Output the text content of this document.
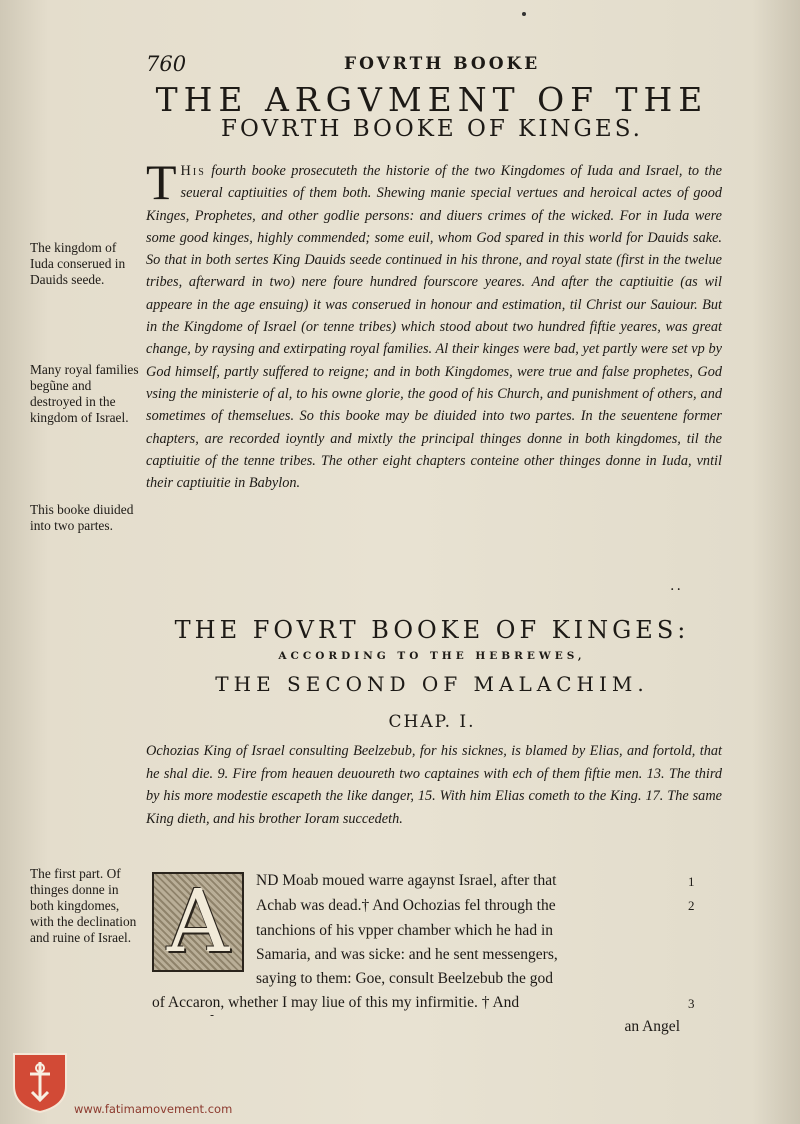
760	FOVRTH BOOKE
THE ARGVMENT OF THE
FOVRTH BOOKE OF KINGES.

T His fourth booke prosecuteth the historie of the two Kingdomes of Iuda and Israel, to the seueral captiuities of them both. Shewing manie special vertues and heroical actes of good Kinges, Prophetes, and other godlie persons: and diuers crimes of the wicked. For in Iuda were some good kinges, highly commended; some euil, whom God spared in this world for Dauids sake. So that in both sertes King Dauids seede continued in his throne, and royal state (first in the twelue tribes, afterward in two) nere foure hundred fourscore yeares. And after the captiuitie (as wil appeare in the age ensuing) it was conserued in honour and estimation, til Christ our Sauiour. But in the Kingdome of Israel (or tenne tribes) which stood about two hundred fiftie yeares, was great change, by raysing and extirpating royal families. Al their kinges were bad, yet partly were set vp by God himself, partly suffered to reigne; and in both Kingdomes, were true and false prophetes, God vsing the ministerie of al, to his owne glorie, the good of his Church, and punishment of others, and sometimes of themselues. So this booke may be diuided into two partes. In the seuentene former chapters, are recorded ioyntly and mixtly the principal thinges donne in both kingdomes, til the captiuitie of the tenne tribes. The other eight chapters conteine other thinges donne in Iuda, vntil their captiuitie in Babylon.

The kingdom of Iuda conserued in Dauids seede.

Many royal families begũne and destroyed in the kingdom of Israel.

This booke diuided into two partes.

The first part. Of thinges donne in both kingdomes, with the declination and ruine of Israel.

..
THE FOVRT BOOKE OF KINGES:
ACCORDING TO THE HEBREWES,
THE SECOND OF MALACHIM.
CHAP. I.

Ochozias King of Israel consulting Beelzebub, for his sicknes, is blamed by Elias, and fortold, that he shal die. 9. Fire from heauen deuoureth two captaines with ech of them fiftie men. 13. The third by his more modestie escapeth the like danger, 15. With him Elias cometh to the King. 17. The same King dieth, and his brother Ioram succedeth.

A ND Moab moued warre agaynst Israel, after that

Achab was dead.† And Ochozias fel through the

tanchions of his vpper chamber which he had in

Samaria, and was sicke: and he sent messengers,

saying to them: Goe, consult Beelzebub the god

of Accaron, whether I may liue of this my infirmitie. † And

an Angel

1
2
3
-
www.fatimamovement.com
